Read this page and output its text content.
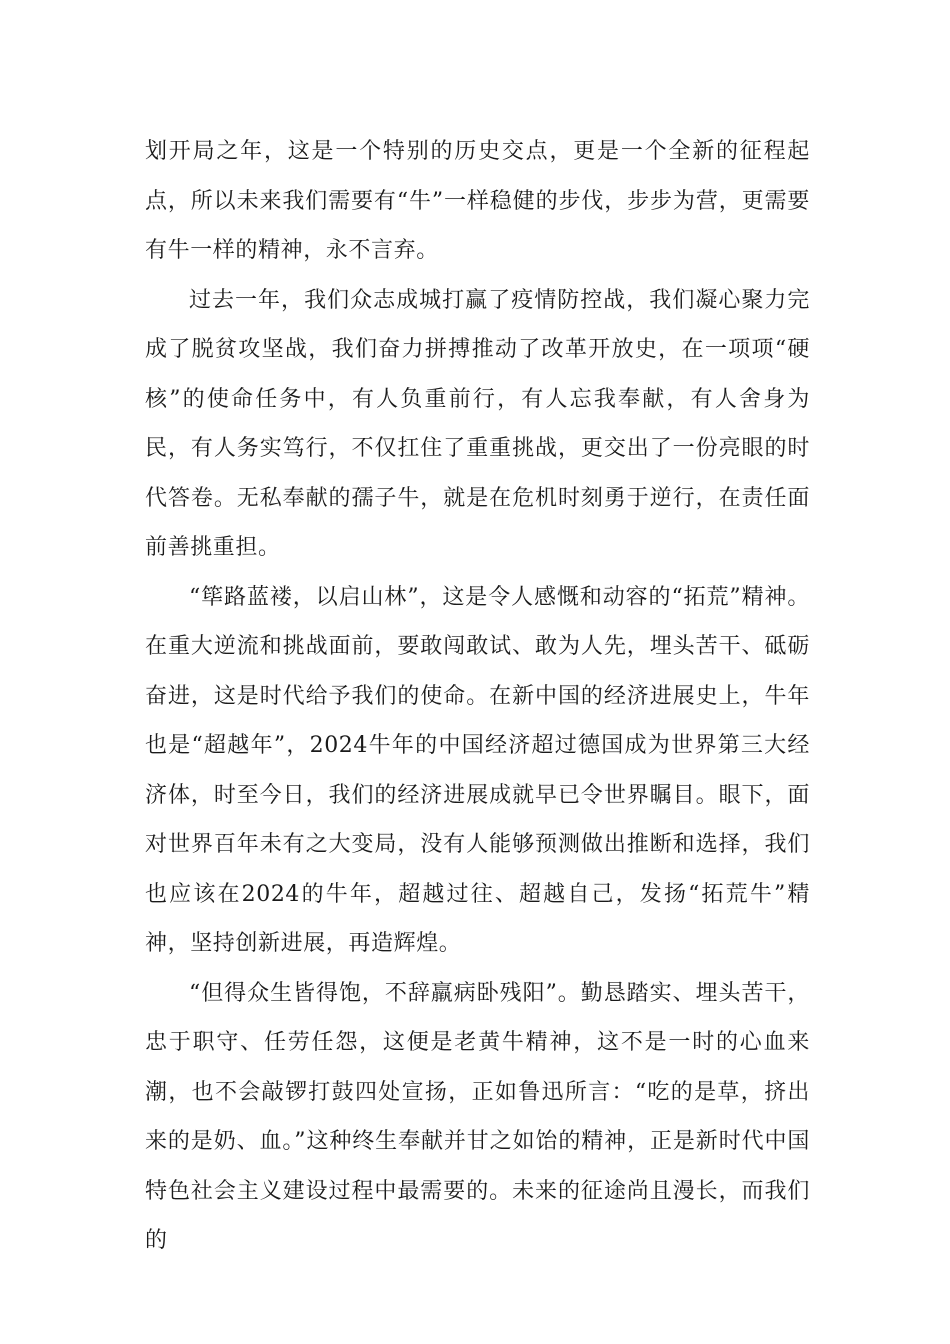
划开局之年，这是一个特别的历史交点，更是一个全新的征程起点，所以未来我们需要有“牛”一样稳健的步伐，步步为营，更需要有牛一样的精神，永不言弃。

过去一年，我们众志成城打赢了疫情防控战，我们凝心聚力完成了脱贫攻坚战，我们奋力拼搏推动了改革开放史，在一项项“硬核”的使命任务中，有人负重前行，有人忘我奉献，有人舍身为民，有人务实笃行，不仅扛住了重重挑战，更交出了一份亮眼的时代答卷。无私奉献的孺子牛，就是在危机时刻勇于逆行，在责任面前善挑重担。

“筚路蓝褛，以启山林”，这是令人感慨和动容的“拓荒”精神。在重大逆流和挑战面前，要敢闯敢试、敢为人先，埋头苦干、砥砺奋进，这是时代给予我们的使命。在新中国的经济进展史上，牛年也是“超越年”，2024牛年的中国经济超过德国成为世界第三大经济体，时至今日，我们的经济进展成就早已令世界瞩目。眼下，面对世界百年未有之大变局，没有人能够预测做出推断和选择，我们也应该在2024的牛年，超越过往、超越自己，发扬“拓荒牛”精神，坚持创新进展，再造辉煌。

“但得众生皆得饱，不辞羸病卧残阳”。勤恳踏实、埋头苦干，忠于职守、任劳任怨，这便是老黄牛精神，这不是一时的心血来潮，也不会敲锣打鼓四处宣扬，正如鲁迅所言：“吃的是草，挤出来的是奶、血。”这种终生奉献并甘之如饴的精神，正是新时代中国特色社会主义建设过程中最需要的。未来的征途尚且漫长，而我们的
